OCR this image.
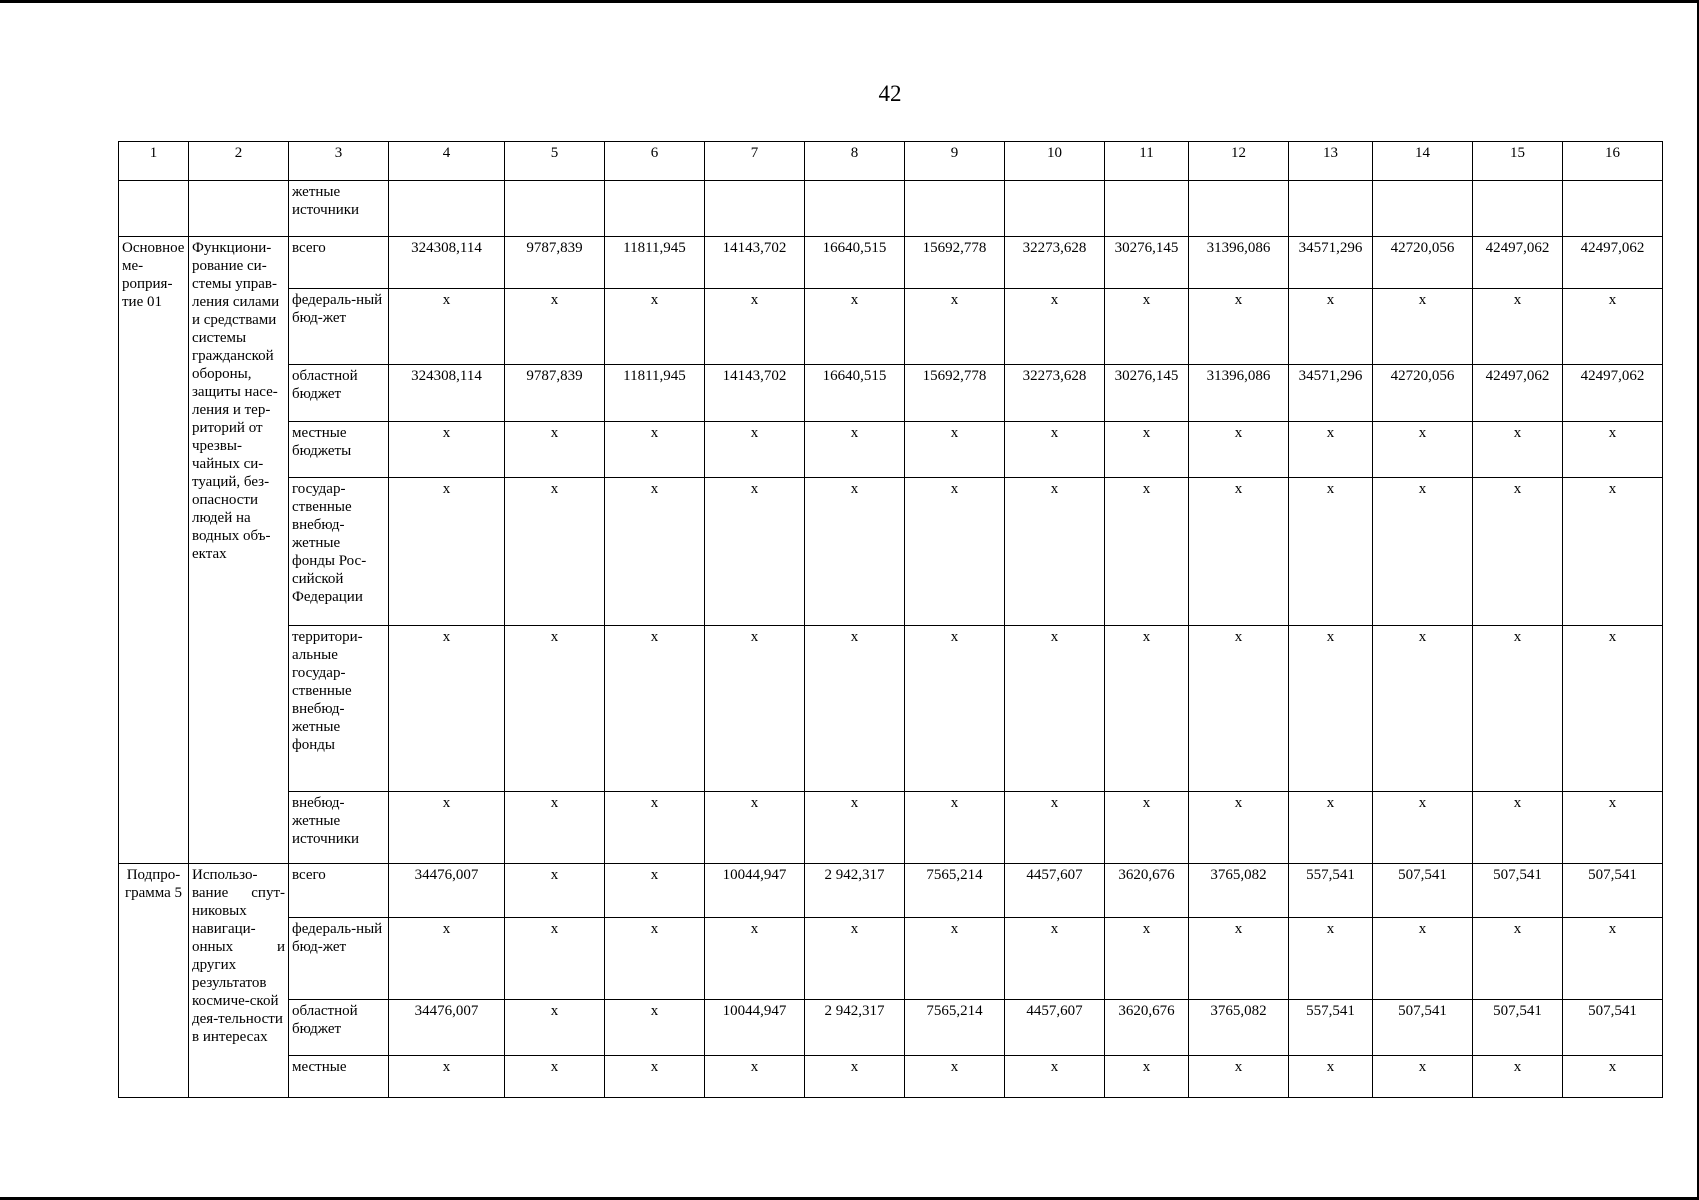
42
1	2	3	4	5	6	7	8	9	10	11	12	13	14	15	16
		жетные источники													
Основное ме-роприя-тие 01	Функциони-рование си-стемы управ-ления силами и средствами системы гражданской обороны, защиты насе-ления и тер-риторий от чрезвы-чайных си-туаций, без-опасности людей на водных объ-ектах	всего	324308,114	9787,839	11811,945	14143,702	16640,515	15692,778	32273,628	30276,145	31396,086	34571,296	42720,056	42497,062	42497,062
		федераль-ный бюд-жет	x	x	x	x	x	x	x	x	x	x	x	x	x
		областной бюджет	324308,114	9787,839	11811,945	14143,702	16640,515	15692,778	32273,628	30276,145	31396,086	34571,296	42720,056	42497,062	42497,062
		местные бюджеты	x	x	x	x	x	x	x	x	x	x	x	x	x
		государ-ственные внебюд-жетные фонды Рос-сийской Федерации	x	x	x	x	x	x	x	x	x	x	x	x	x
		территори-альные государ-ственные внебюд-жетные фонды	x	x	x	x	x	x	x	x	x	x	x	x	x
		внебюд-жетные источники	x	x	x	x	x	x	x	x	x	x	x	x	x
Подпро-грамма 5	Использо-вание спут-никовых навигаци-онных и других результатов космиче-ской дея-тельности в интересах	всего	34476,007	x	x	10044,947	2 942,317	7565,214	4457,607	3620,676	3765,082	557,541	507,541	507,541	507,541
		федераль-ный бюд-жет	x	x	x	x	x	x	x	x	x	x	x	x	x
		областной бюджет	34476,007	x	x	10044,947	2 942,317	7565,214	4457,607	3620,676	3765,082	557,541	507,541	507,541	507,541
		местные	x	x	x	x	x	x	x	x	x	x	x	x	x
